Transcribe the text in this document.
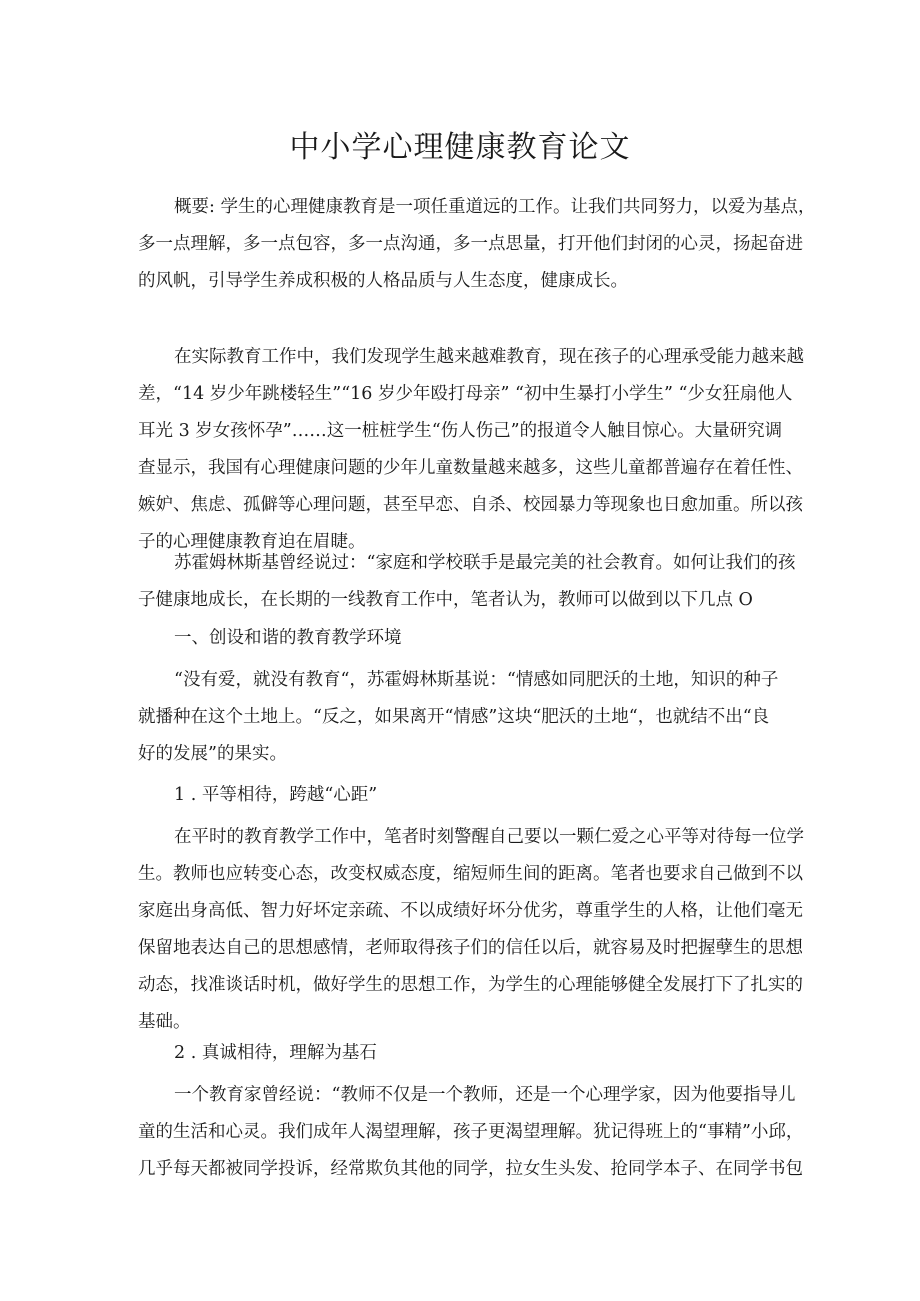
中小学心理健康教育论文

概要: 学生的心理健康教育是一项任重道远的工作。让我们共同努力，以爱为基点，
多一点理解，多一点包容，多一点沟通，多一点思量，打开他们封闭的心灵，扬起奋进
的风帆，引导学生养成积极的人格品质与人生态度，健康成长。

在实际教育工作中，我们发现学生越来越难教育，现在孩子的心理承受能力越来越
差，“14 岁少年跳楼轻生”“16 岁少年殴打母亲” “初中生暴打小学生” “少女狂扇他人
耳光 3 岁女孩怀孕”……这一桩桩学生“伤人伤己”的报道令人触目惊心。大量研究调
查显示，我国有心理健康问题的少年儿童数量越来越多，这些儿童都普遍存在着任性、
嫉妒、焦虑、孤僻等心理问题，甚至早恋、自杀、校园暴力等现象也日愈加重。所以孩
子的心理健康教育迫在眉睫。

苏霍姆林斯基曾经说过：“家庭和学校联手是最完美的社会教育。如何让我们的孩
子健康地成长，在长期的一线教育工作中，笔者认为，教师可以做到以下几点 O

一、创设和谐的教育教学环境

“没有爱，就没有教育“，苏霍姆林斯基说：“情感如同肥沃的土地，知识的种子
就播种在这个土地上。“反之，如果离开“情感”这块“肥沃的土地“，也就结不出“良
好的发展”的果实。

1 . 平等相待，跨越“心距”

在平时的教育教学工作中，笔者时刻警醒自己要以一颗仁爱之心平等对待每一位学
生。教师也应转变心态，改变权威态度，缩短师生间的距离。笔者也要求自己做到不以
家庭出身高低、智力好坏定亲疏、不以成绩好坏分优劣，尊重学生的人格，让他们毫无
保留地表达自己的思想感情，老师取得孩子们的信任以后，就容易及时把握孽生的思想
动态，找准谈话时机，做好学生的思想工作，为学生的心理能够健全发展打下了扎实的
基础。

2 . 真诚相待，理解为基石

一个教育家曾经说：“教师不仅是一个教师，还是一个心理学家，因为他要指导儿
童的生活和心灵。我们成年人渴望理解，孩子更渴望理解。犹记得班上的“事精”小邱，
几乎每天都被同学投诉，经常欺负其他的同学，拉女生头发、抢同学本子、在同学书包
